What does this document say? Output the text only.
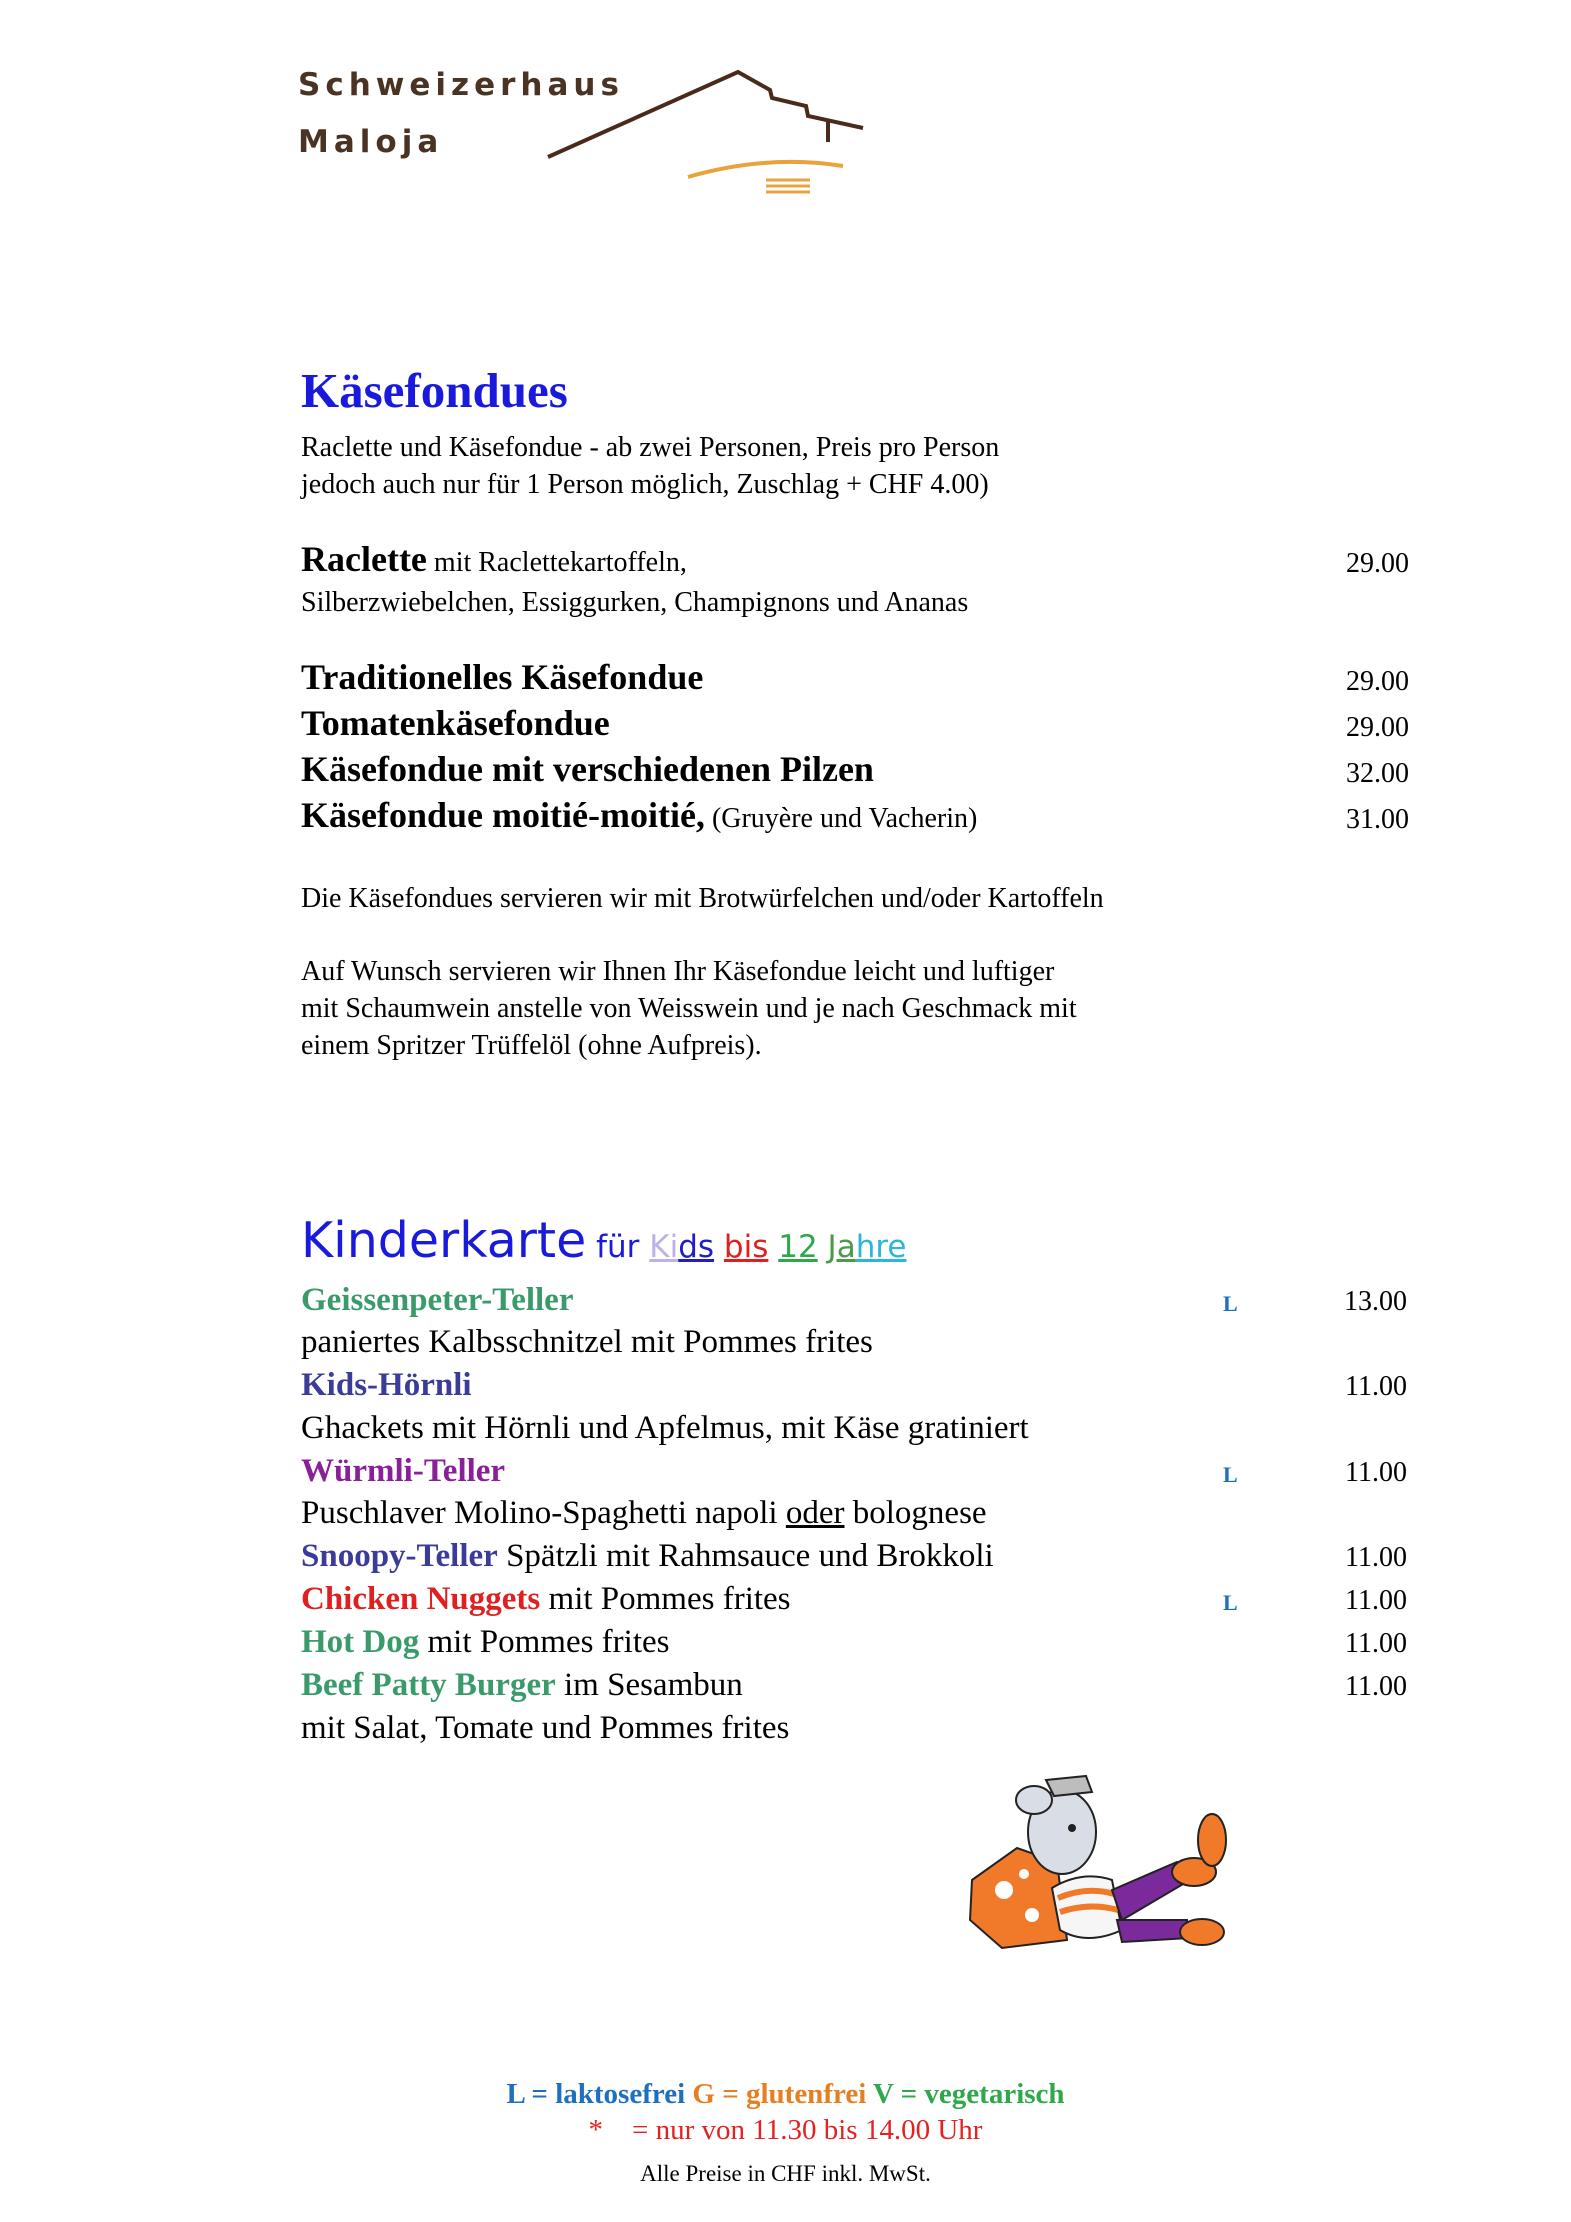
Schweizerhaus
Maloja
Käsefondues
Raclette und Käsefondue - ab zwei Personen, Preis pro Person
jedoch auch nur für 1 Person möglich, Zuschlag + CHF 4.00)
Raclette mit Raclettekartoffeln,	29.00
Silberzwiebelchen, Essiggurken, Champignons und Ananas
Traditionelles Käsefondue	29.00
Tomatenkäsefondue	29.00
Käsefondue mit verschiedenen Pilzen	32.00
Käsefondue moitié-moitié, (Gruyère und Vacherin)	31.00
Die Käsefondues servieren wir mit Brotwürfelchen und/oder Kartoffeln
Auf Wunsch servieren wir Ihnen Ihr Käsefondue leicht und luftiger
mit Schaumwein anstelle von Weisswein und je nach Geschmack mit
einem Spritzer Trüffelöl (ohne Aufpreis).
Kinderkarte für Kids bis 12 Jahre
Geissenpeter-Teller	L	13.00
paniertes Kalbsschnitzel mit Pommes frites
Kids-Hörnli	11.00
Ghackets mit Hörnli und Apfelmus, mit Käse gratiniert
Würmli-Teller	L	11.00
Puschlaver Molino-Spaghetti napoli oder bolognese
Snoopy-Teller Spätzli mit Rahmsauce und Brokkoli	11.00
Chicken Nuggets mit Pommes frites	L	11.00
Hot Dog mit Pommes frites	11.00
Beef Patty Burger im Sesambun	11.00
mit Salat, Tomate und Pommes frites
L = laktosefrei G = glutenfrei V = vegetarisch
* = nur von 11.30 bis 14.00 Uhr
Alle Preise in CHF inkl. MwSt.
